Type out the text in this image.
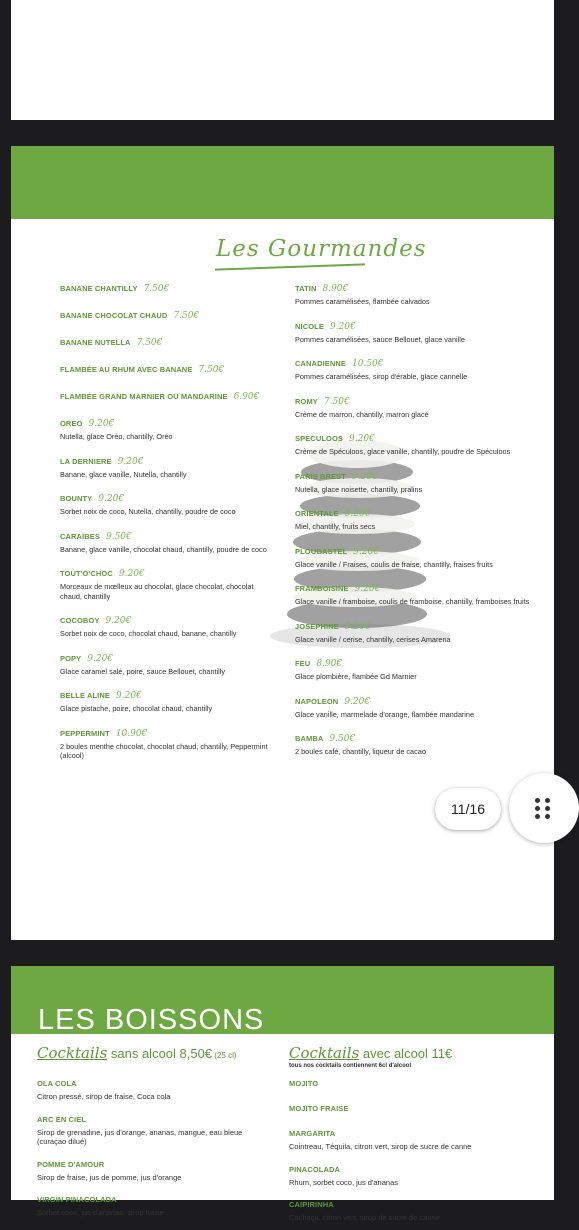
Les Gourmandes
BANANE CHANTILLY 7.50€
BANANE CHOCOLAT CHAUD 7.50€
BANANE NUTELLA 7.50€
FLAMBÉE AU RHUM AVEC BANANE 7.50€
FLAMBÉE GRAND MARNIER OU MANDARINE 6.90€
OREO 9.20€
Nutella, glace Oréo, chantilly, Oréo
LA DERNIERE 9.20€
Banane, glace vanille, Nutella, chantilly
BOUNTY 9.20€
Sorbet noix de coco, Nutella, chantilly, poudre de coco
CARAÏBES 9.50€
Banane, glace vanille, chocolat chaud, chantilly, poudre de coco
TOUT'O'CHOC 9.20€
Morceaux de mœlleux au chocolat, glace chocolat, chocolat chaud, chantilly
COCOBOY 9.20€
Sorbet noix de coco, chocolat chaud, banane, chantilly
POPY 9.20€
Glace caramel salé, poire, sauce Bellouet, chantilly
BELLE ALINE 9.20€
Glace pistache, poire, chocolat chaud, chantilly
PEPPERMINT 10.90€
2 boules menthe chocolat, chocolat chaud, chantilly, Peppermint (alcool)
TATIN 8.90€
Pommes caramélisées, flambée calvados
NICOLE 9.20€
Pommes caramélisées, sauce Bellouet, glace vanille
CANADIENNE 10.50€
Pommes caramélisées, sirop d'érable, glace cannelle
ROMY 7.50€
Crème de marron, chantilly, marron glacé
SPECULOOS 9.20€
Crème de Spéculoos, glace vanille, chantilly, poudre de Spéculoos
PARIS BREST 9.20€
Nutella, glace noisette, chantilly, pralins
ORIENTALE 9.20€
Miel, chantilly, fruits secs
PLOUGASTEL 9.20€
Glace vanille / Fraises, coulis de fraise, chantilly, fraises fruits
FRAMBOISINE 9.20€
Glace vanille / framboise, coulis de framboise, chantilly, framboises fruits
JOSEPHINE 9.20€
Glace vanille / cerise, chantilly, cerises Amarena
FEU 8.90€
Glace plombière, flambée Gd Marnier
NAPOLEON 9.20€
Glace vanille, marmelade d'orange, flambée mandarine
BAMBA 9.50€
2 boules café, chantilly, liqueur de cacao
LES BOISSONS
Cocktails sans alcool 8,50€ (25 cl)	Cocktails avec alcool 11€
tous nos cocktails contiennent 6cl d'alcool
OLA COLA
Citron pressé, sirop de fraise, Coca cola
ARC EN CIEL
Sirop de grenadine, jus d'orange, ananas, mangue, eau bleue (curaçao dilué)
POMME D'AMOUR
Sirop de fraise, jus de pomme, jus d'orange
VIRGIN PINACOLADA
Sorbet coco, jus d'ananas, sirop fraise
MOJITO
MOJITO FRAISE
MARGARITA
Cointreau, Téquila, citron vert, sirop de sucre de canne
PINACOLADA
Rhum, sorbet coco, jus d'ananas
CAIPIRINHA
Cachaça, citron vert, sirop de sucre de canne
11/16
